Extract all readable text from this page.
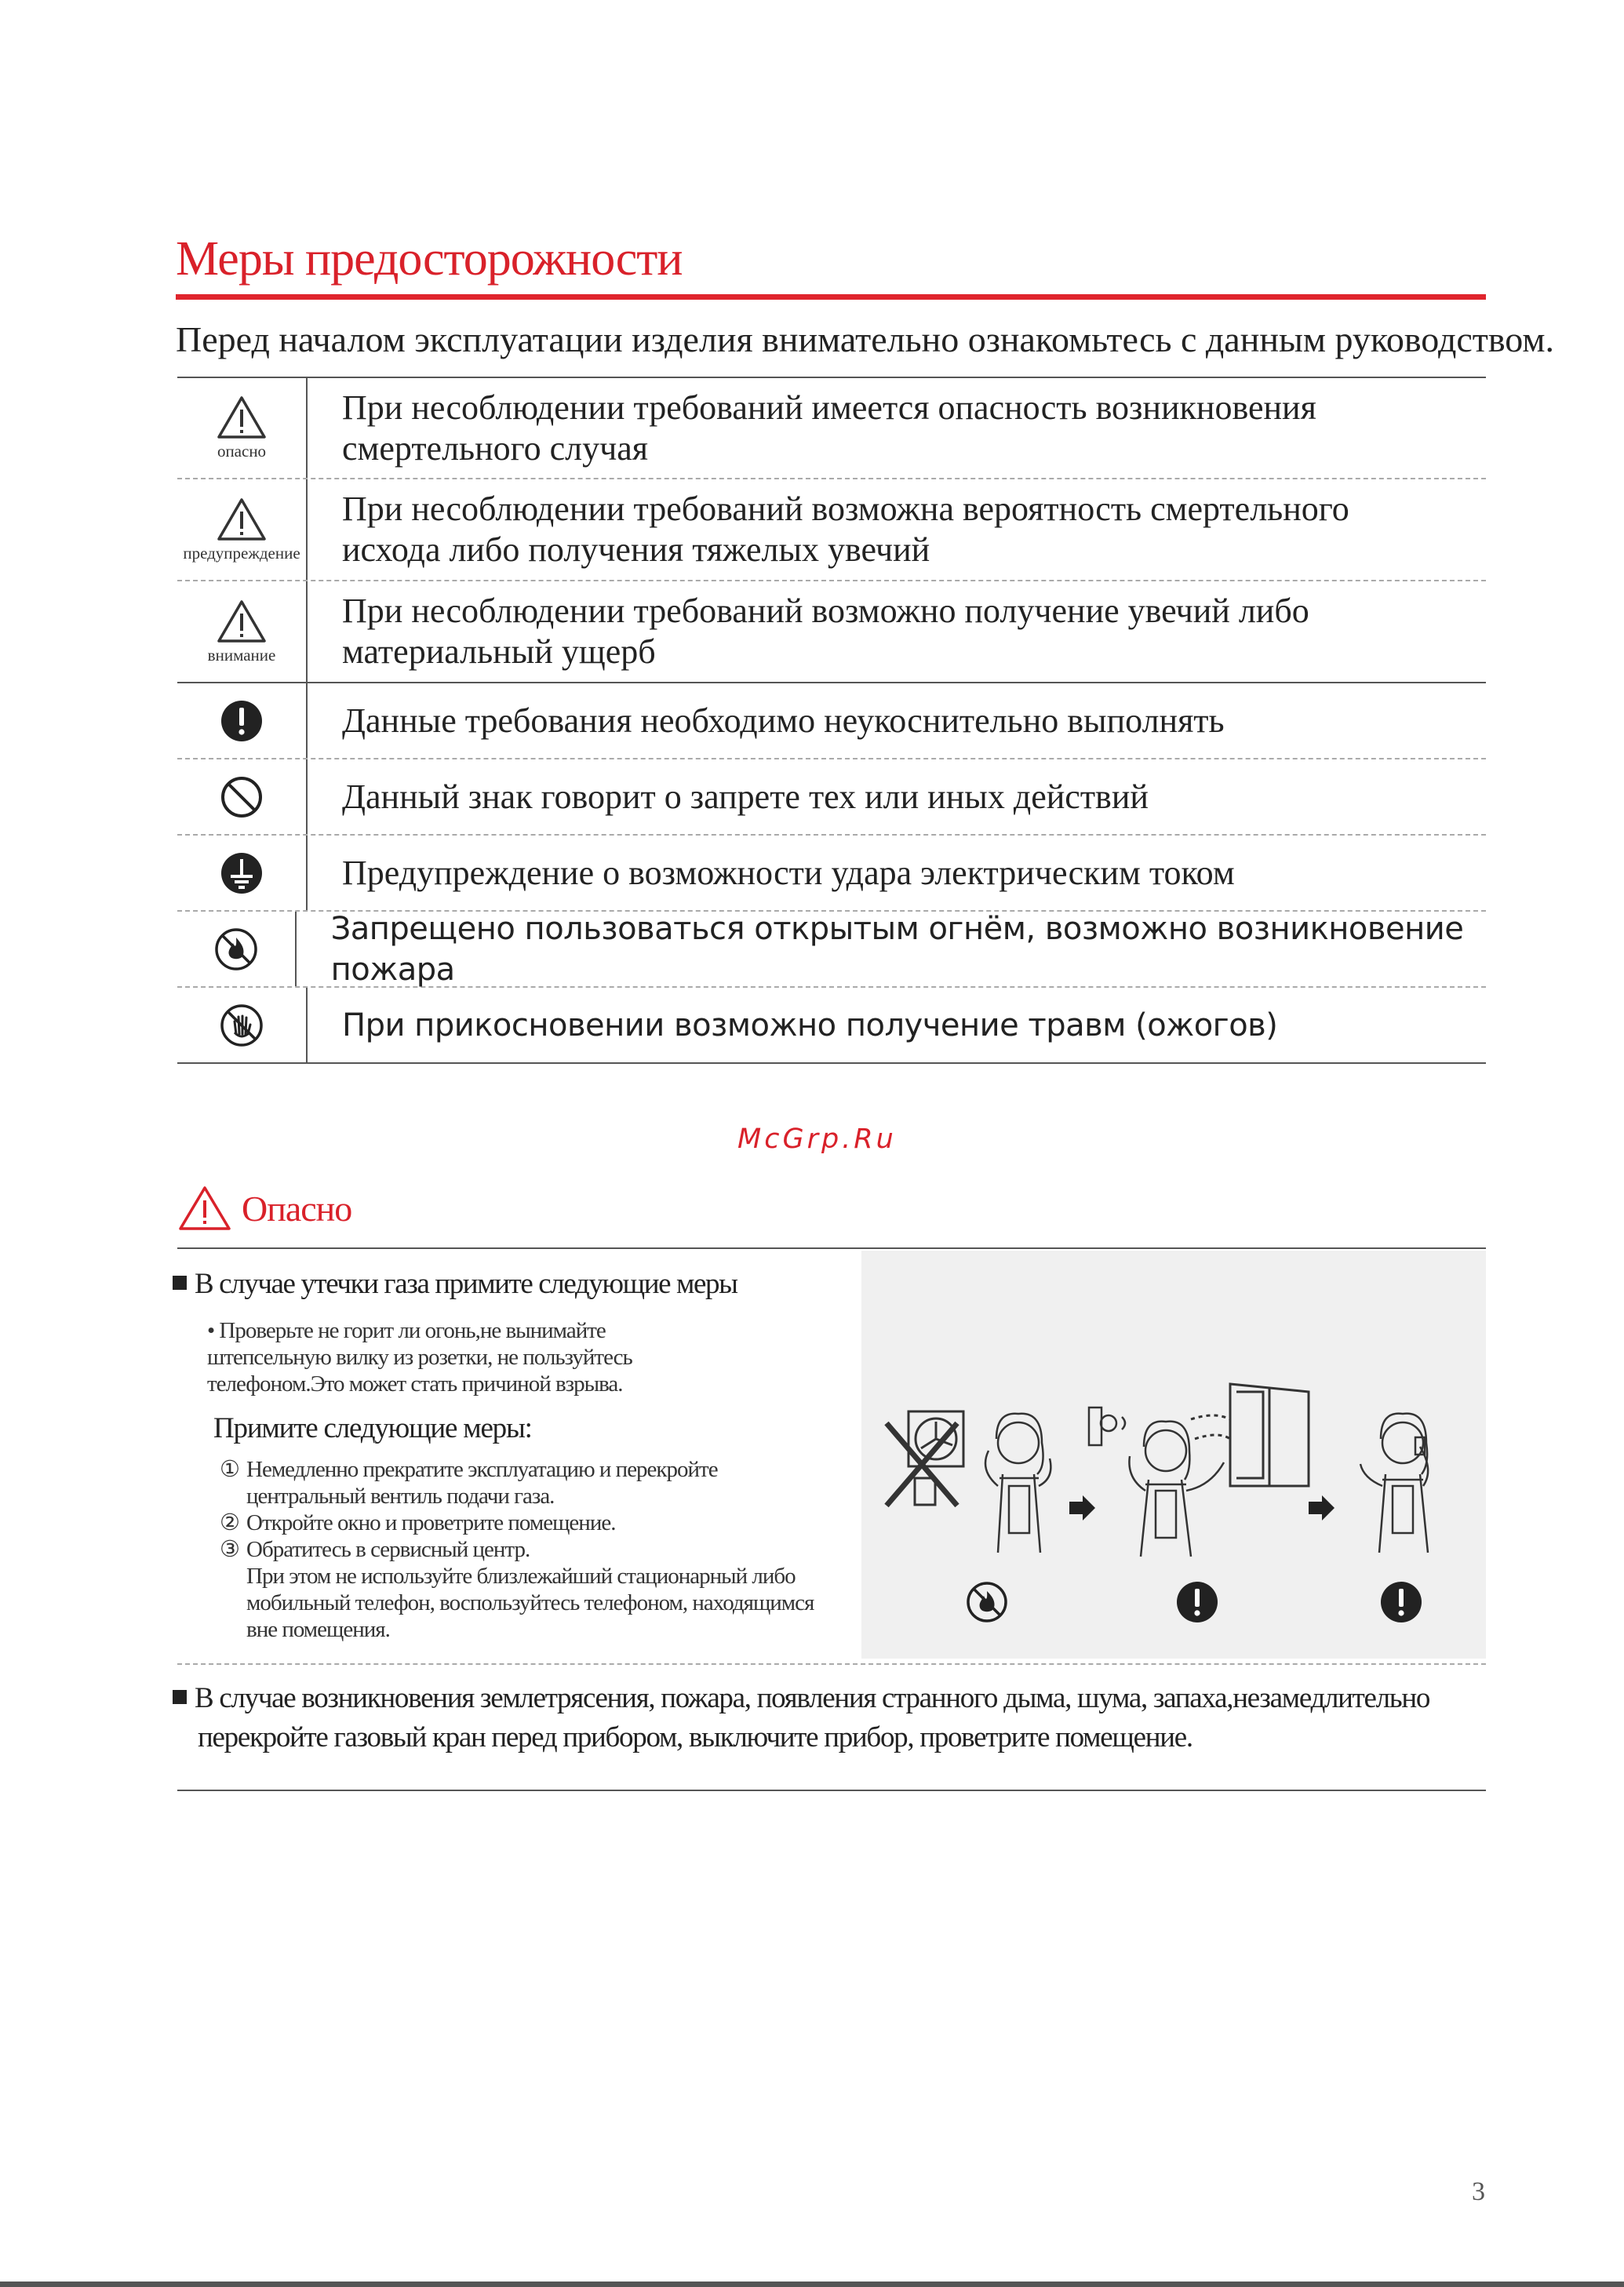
Меры предосторожности
Перед началом эксплуатации изделия внимательно ознакомьтесь с данным руководством.
опасно
При несоблюдении требований имеется опасность возникновения смертельного случая
предупреждение
При несоблюдении требований возможна вероятность смертельного исхода либо получения тяжелых увечий
внимание
При несоблюдении требований возможно получение увечий либо материальный ущерб
Данные требования необходимо неукоснительно выполнять
Данный знак говорит о запрете тех или иных действий
Предупреждение о возможности удара электрическим током
Запрещено пользоваться открытым огнём, возможно возникновение пожара
При прикосновении возможно получение травм (ожогов)
McGrp.Ru
Опасно
В случае утечки газа примите следующие меры
• Проверьте не горит ли огонь,не вынимайте штепсельную вилку из розетки, не пользуйтесь телефоном.Это может стать причиной взрыва.
Примите следующие меры:
① Немедленно прекратите эксплуатацию и перекройте
центральный вентиль подачи газа.
② Откройте окно и проветрите помещение.
③ Обратитесь в сервисный центр.
При этом не используйте близлежайший стационарный либо мобильный телефон, воспользуйтесь телефоном, находящимся вне помещения.
В случае возникновения землетрясения, пожара, появления странного дыма, шума, запаха,незамедлительно
перекройте газовый кран перед прибором, выключите прибор, проветрите помещение.
3
